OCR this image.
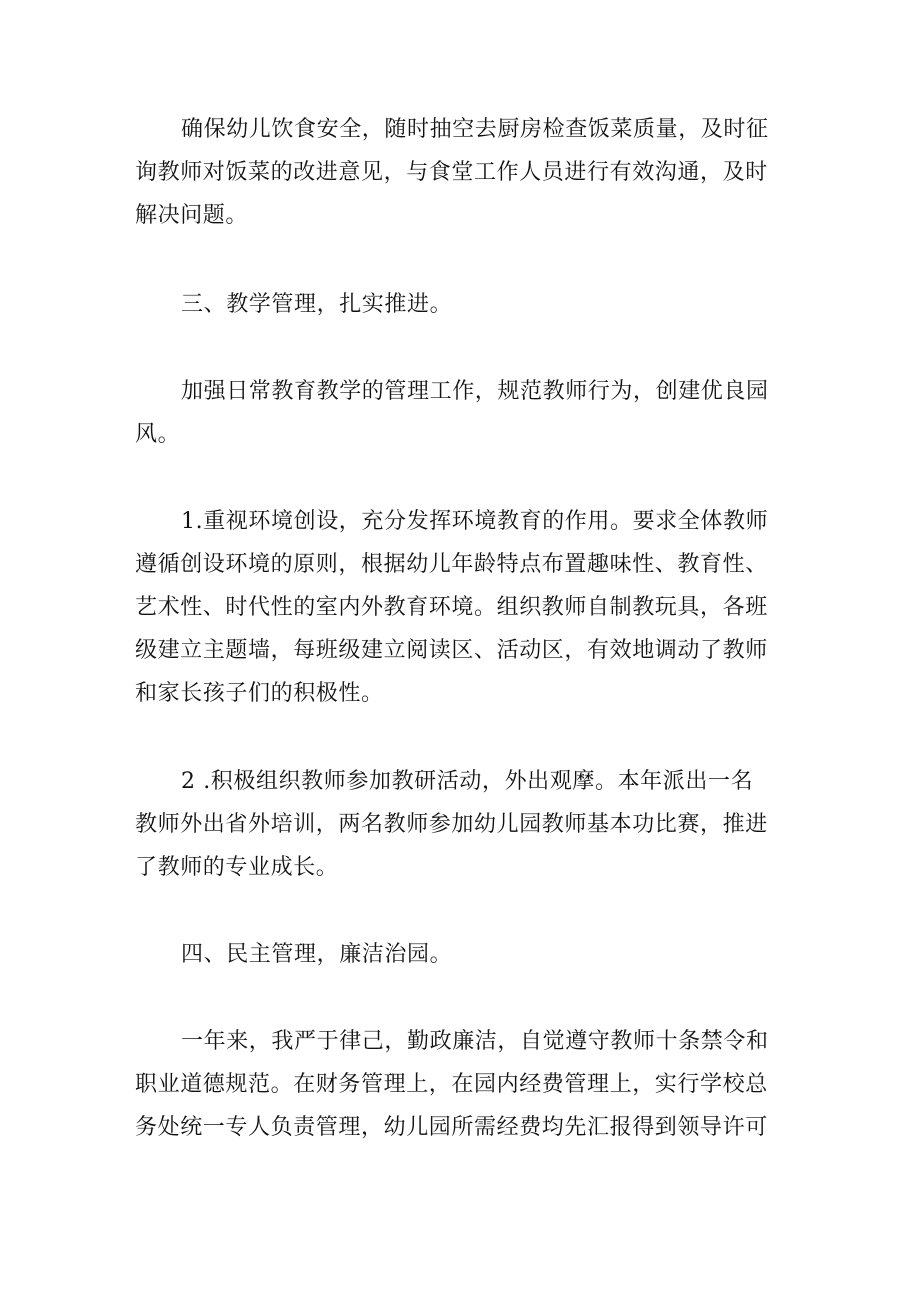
确保幼儿饮食安全，随时抽空去厨房检查饭菜质量，及时征
询教师对饭菜的改进意见，与食堂工作人员进行有效沟通，及时
解决问题。

三、教学管理，扎实推进。

加强日常教育教学的管理工作，规范教师行为，创建优良园
风。

1.重视环境创设，充分发挥环境教育的作用。要求全体教师
遵循创设环境的原则，根据幼儿年龄特点布置趣味性、教育性、
艺术性、时代性的室内外教育环境。组织教师自制教玩具，各班
级建立主题墙，每班级建立阅读区、活动区，有效地调动了教师
和家长孩子们的积极性。

2 .积极组织教师参加教研活动，外出观摩。本年派出一名
教师外出省外培训，两名教师参加幼儿园教师基本功比赛，推进
了教师的专业成长。

四、民主管理，廉洁治园。

一年来，我严于律己，勤政廉洁，自觉遵守教师十条禁令和
职业道德规范。在财务管理上，在园内经费管理上，实行学校总
务处统一专人负责管理，幼儿园所需经费均先汇报得到领导许可
